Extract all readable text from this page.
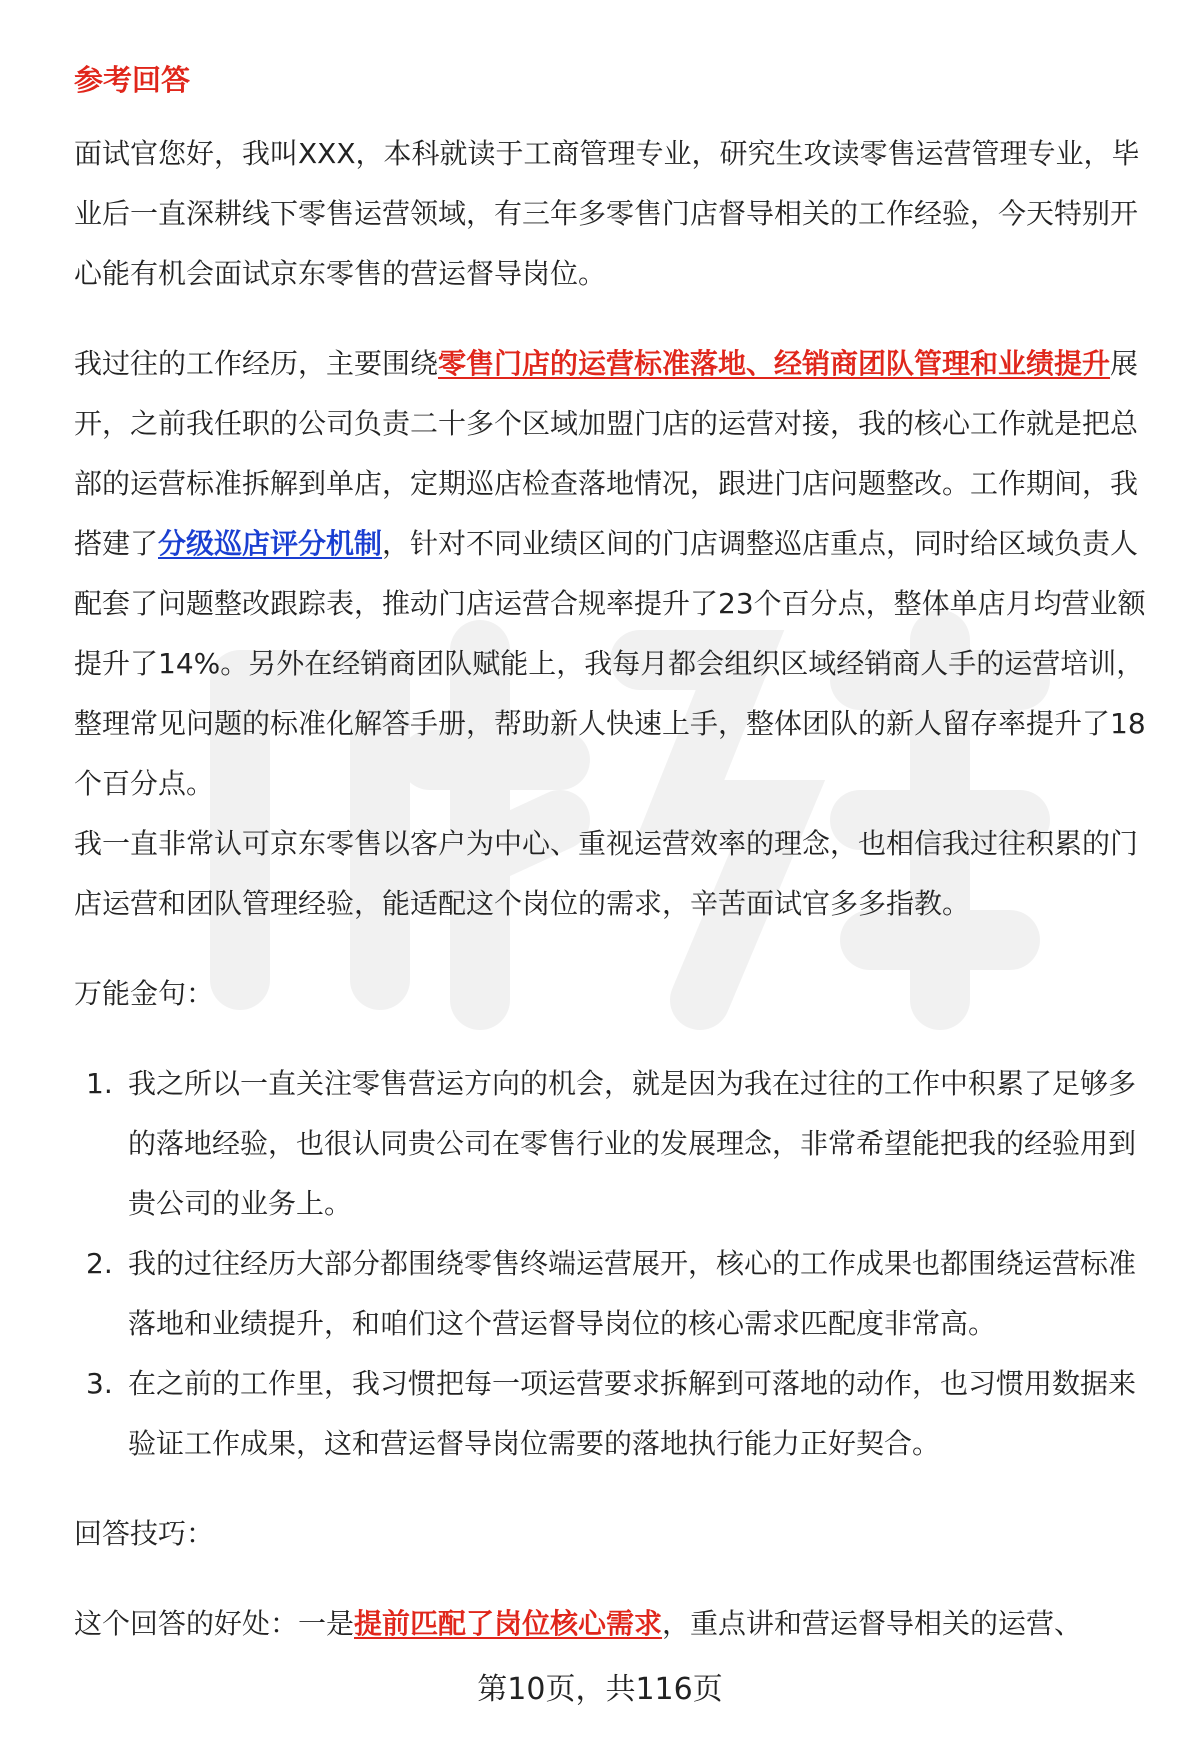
参考回答

面试官您好，我叫XXX，本科就读于工商管理专业，研究生攻读零售运营管理专业，毕业后一直深耕线下零售运营领域，有三年多零售门店督导相关的工作经验，今天特别开心能有机会面试京东零售的营运督导岗位。

我过往的工作经历，主要围绕零售门店的运营标准落地、经销商团队管理和业绩提升展开，之前我任职的公司负责二十多个区域加盟门店的运营对接，我的核心工作就是把总部的运营标准拆解到单店，定期巡店检查落地情况，跟进门店问题整改。工作期间，我搭建了分级巡店评分机制，针对不同业绩区间的门店调整巡店重点，同时给区域负责人配套了问题整改跟踪表，推动门店运营合规率提升了23个百分点，整体单店月均营业额提升了14%。另外在经销商团队赋能上，我每月都会组织区域经销商人手的运营培训，整理常见问题的标准化解答手册，帮助新人快速上手，整体团队的新人留存率提升了18个百分点。

我一直非常认可京东零售以客户为中心、重视运营效率的理念，也相信我过往积累的门店运营和团队管理经验，能适配这个岗位的需求，辛苦面试官多多指教。

万能金句：

1. 我之所以一直关注零售营运方向的机会，就是因为我在过往的工作中积累了足够多的落地经验，也很认同贵公司在零售行业的发展理念，非常希望能把我的经验用到贵公司的业务上。
2. 我的过往经历大部分都围绕零售终端运营展开，核心的工作成果也都围绕运营标准落地和业绩提升，和咱们这个营运督导岗位的核心需求匹配度非常高。
3. 在之前的工作里，我习惯把每一项运营要求拆解到可落地的动作，也习惯用数据来验证工作成果，这和营运督导岗位需要的落地执行能力正好契合。

回答技巧：

这个回答的好处：一是提前匹配了岗位核心需求，重点讲和营运督导相关的运营、

第10页，共116页
